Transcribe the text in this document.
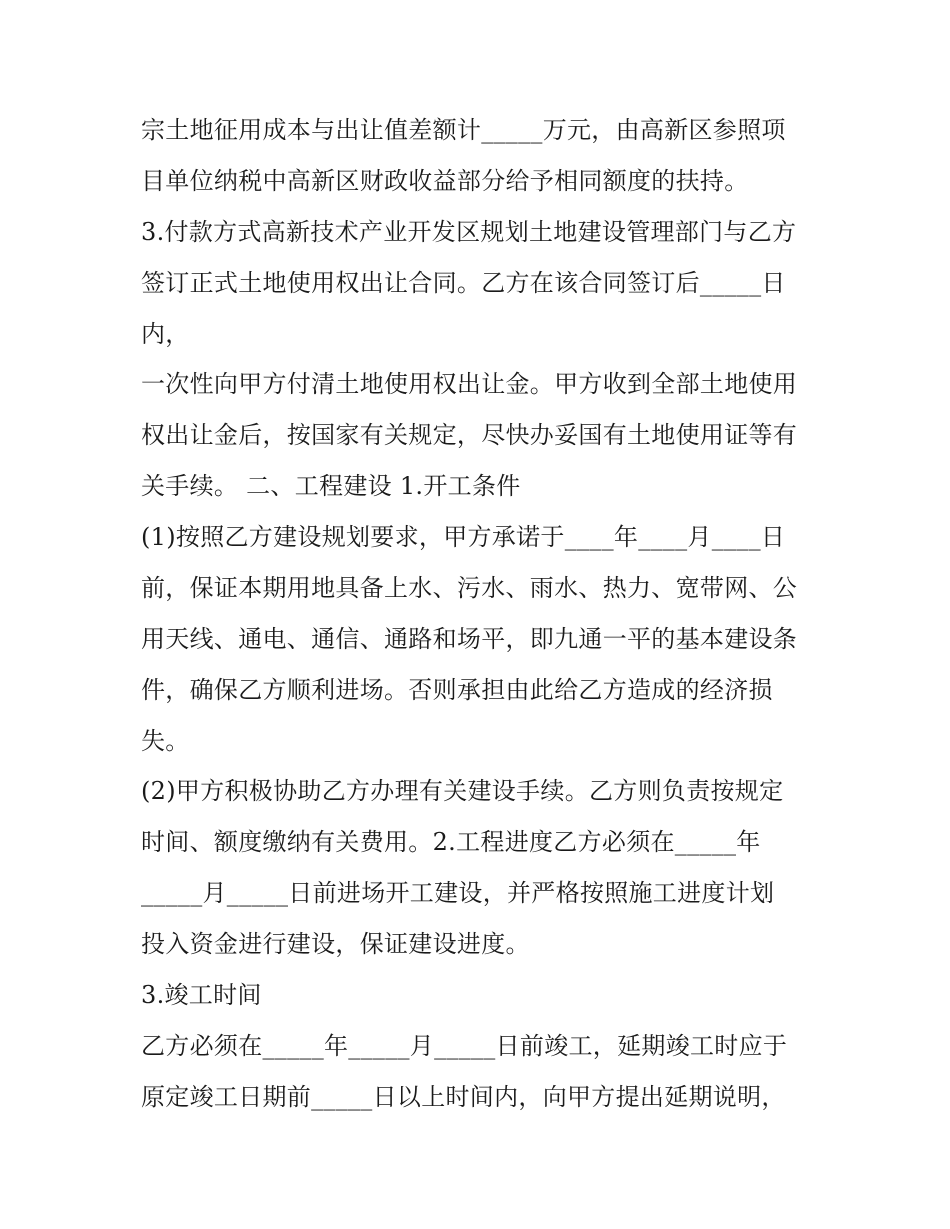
宗土地征用成本与出让值差额计_____万元，由高新区参照项
目单位纳税中高新区财政收益部分给予相同额度的扶持。
3.付款方式高新技术产业开发区规划土地建设管理部门与乙方
签订正式土地使用权出让合同。乙方在该合同签订后_____日
内，
一次性向甲方付清土地使用权出让金。甲方收到全部土地使用
权出让金后，按国家有关规定，尽快办妥国有土地使用证等有
关手续。 二、工程建设 1.开工条件
(1)按照乙方建设规划要求，甲方承诺于____年____月____日
前，保证本期用地具备上水、污水、雨水、热力、宽带网、公
用天线、通电、通信、通路和场平，即九通一平的基本建设条
件，确保乙方顺利进场。否则承担由此给乙方造成的经济损
失。
(2)甲方积极协助乙方办理有关建设手续。乙方则负责按规定
时间、额度缴纳有关费用。2.工程进度乙方必须在_____年
_____月_____日前进场开工建设，并严格按照施工进度计划
投入资金进行建设，保证建设进度。
3.竣工时间
乙方必须在_____年_____月_____日前竣工，延期竣工时应于
原定竣工日期前_____日以上时间内，向甲方提出延期说明，
